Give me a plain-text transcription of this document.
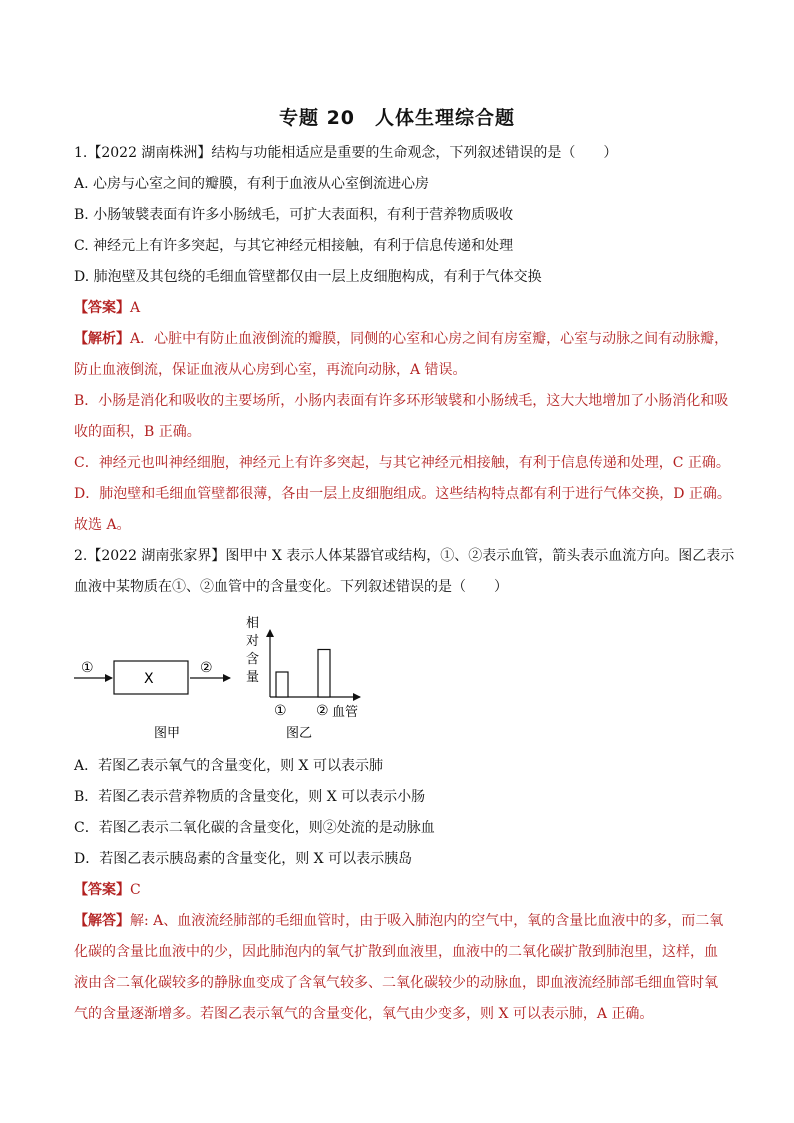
专题 20　人体生理综合题
1.【2022 湖南株洲】结构与功能相适应是重要的生命观念，下列叙述错误的是（　　）
A. 心房与心室之间的瓣膜，有利于血液从心室倒流进心房
B. 小肠皱襞表面有许多小肠绒毛，可扩大表面积，有利于营养物质吸收
C. 神经元上有许多突起，与其它神经元相接触，有利于信息传递和处理
D. 肺泡壁及其包绕的毛细血管壁都仅由一层上皮细胞构成，有利于气体交换
【答案】A
【解析】A．心脏中有防止血液倒流的瓣膜，同侧的心室和心房之间有房室瓣，心室与动脉之间有动脉瓣，
防止血液倒流，保证血液从心房到心室，再流向动脉，A 错误。
B．小肠是消化和吸收的主要场所，小肠内表面有许多环形皱襞和小肠绒毛，这大大地增加了小肠消化和吸
收的面积，B 正确。
C．神经元也叫神经细胞，神经元上有许多突起，与其它神经元相接触，有利于信息传递和处理，C 正确。
D．肺泡壁和毛细血管壁都很薄，各由一层上皮细胞组成。这些结构特点都有利于进行气体交换，D 正确。
故选 A。
2.【2022 湖南张家界】图甲中 X 表示人体某器官或结构，①、②表示血管，箭头表示血流方向。图乙表示
血液中某物质在①、②血管中的含量变化。下列叙述错误的是（　　）
①
X
②
图甲
相
对
含
量
① ② 血管
图乙
A．若图乙表示氧气的含量变化，则 X 可以表示肺
B．若图乙表示营养物质的含量变化，则 X 可以表示小肠
C．若图乙表示二氧化碳的含量变化，则②处流的是动脉血
D．若图乙表示胰岛素的含量变化，则 X 可以表示胰岛
【答案】C
【解答】解: A、血液流经肺部的毛细血管时，由于吸入肺泡内的空气中，氧的含量比血液中的多，而二氧
化碳的含量比血液中的少，因此肺泡内的氧气扩散到血液里，血液中的二氧化碳扩散到肺泡里，这样，血
液由含二氧化碳较多的静脉血变成了含氧气较多、二氧化碳较少的动脉血，即血液流经肺部毛细血管时氧
气的含量逐渐增多。若图乙表示氧气的含量变化，氧气由少变多，则 X 可以表示肺，A 正确。
